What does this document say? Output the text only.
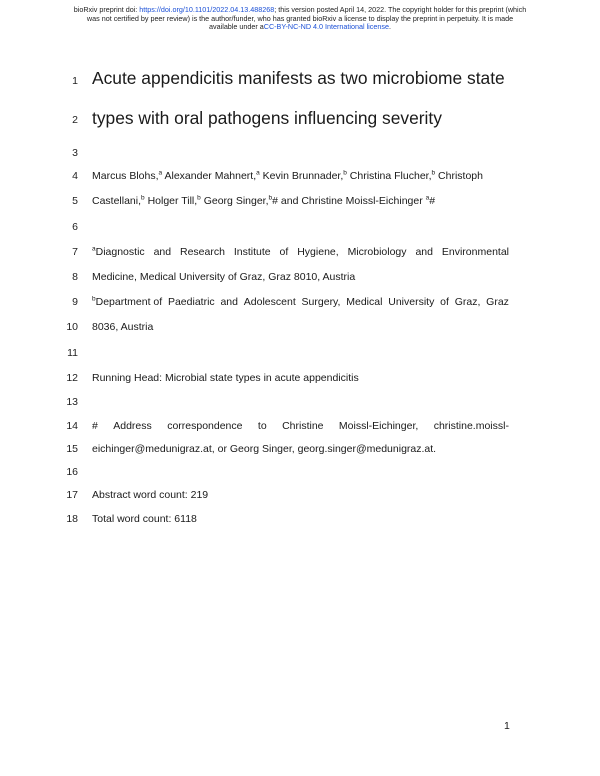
bioRxiv preprint doi: https://doi.org/10.1101/2022.04.13.488268; this version posted April 14, 2022. The copyright holder for this preprint (which
was not certified by peer review) is the author/funder, who has granted bioRxiv a license to display the preprint in perpetuity. It is made
available under aCC-BY-NC-ND 4.0 International license.
1 Acute appendicitis manifests as two microbiome state
2 types with oral pathogens influencing severity
3
4 Marcus Blohs,$^a$ Alexander Mahnert,$^a$ Kevin Brunnader,$^b$ Christina Flucher,$^b$ Christoph
5 Castellani,$^b$ Holger Till,$^b$ Georg Singer,$^b$# and Christine Moissl-Eichinger $^a$#
6
7 $^a$Diagnostic and Research Institute of Hygiene, Microbiology and Environmental
8 Medicine, Medical University of Graz, Graz 8010, Austria
9 $^b$Department of Paediatric and Adolescent Surgery, Medical University of Graz, Graz
10 8036, Austria
11
12 Running Head: Microbial state types in acute appendicitis
13
14 # Address correspondence to Christine Moissl-Eichinger, christine.moissl-
15 eichinger@medunigraz.at, or Georg Singer, georg.singer@medunigraz.at.
16
17 Abstract word count: 219
18 Total word count: 6118
1
